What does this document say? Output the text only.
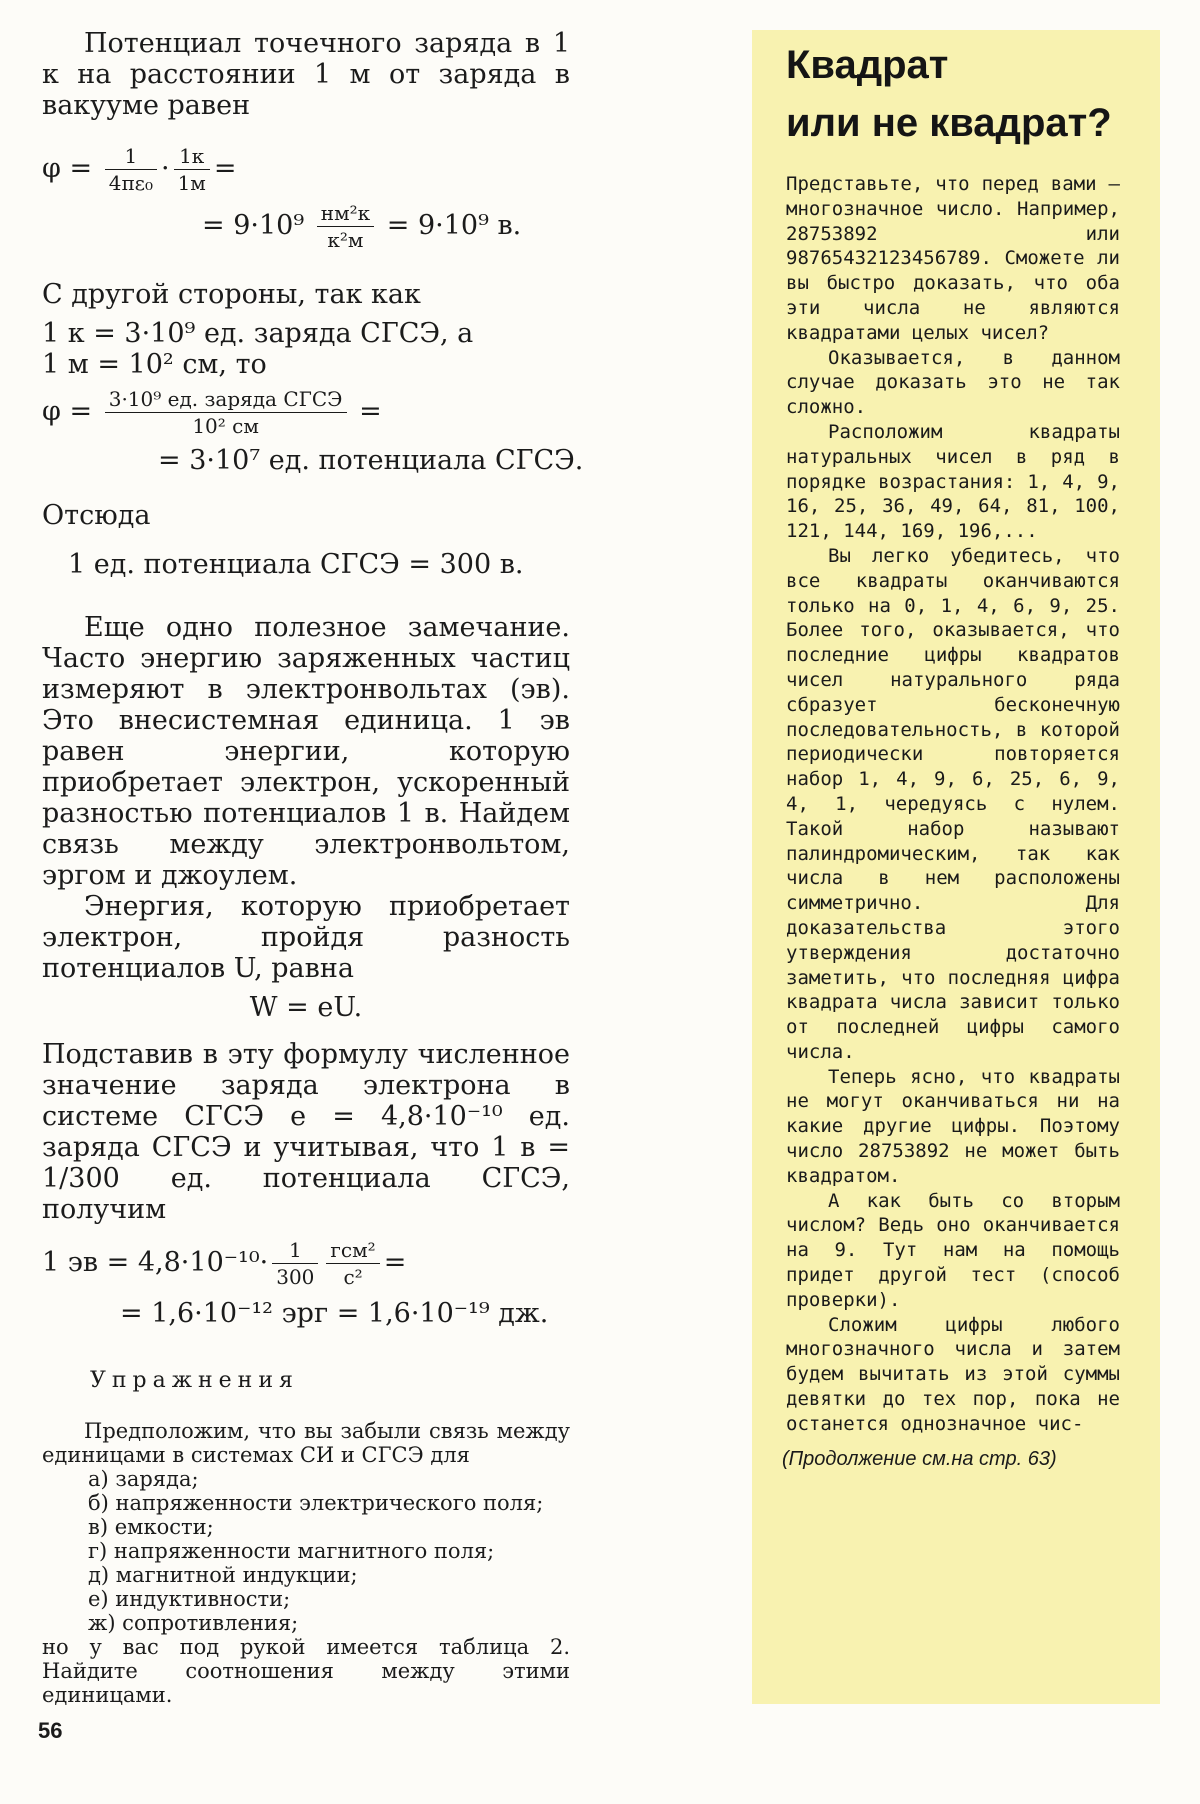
Потенциал точечного заряда в 1 к на расстоянии 1 м от заряда в вакууме равен

$\varphi = \frac{1}{\text{4πε₀}} \cdot \frac{1к}{1м}$ =
= $9\cdot 10^9 \frac{\text{нм²к}}{\text{к²м}} = 9\cdot 10^9$ в.

С другой стороны, так как

1 к = 3·10⁹ ед. заряда СГСЭ, а

1 м = 10² см, то

$\varphi = \frac{\text{3·10⁹ ед. заряда СГСЭ}}{\text{10² см}}$ =
= 3·10⁷ ед. потенциала СГСЭ.

Отсюда

1 ед. потенциала СГСЭ = 300 в.

Еще одно полезное замечание. Часто энергию заряженных частиц измеряют в электронвольтах (эв). Это внесистемная единица. 1 эв равен энергии, которую приобретает электрон, ускоренный разностью потенциалов 1 в. Найдем связь между электронвольтом, эргом и джоулем.

Энергия, которую приобретает электрон, пройдя разность потенциалов U, равна

W = eU.

Подставив в эту формулу численное значение заряда электрона в системе СГСЭ e = 4,8·10⁻¹⁰ ед. заряда СГСЭ и учитывая, что 1 в = 1/300 ед. потенциала СГСЭ, получим

1 эв = $4,8\cdot 10^{-10}\cdot \frac{1}{300} \frac{\text{гсм²}}{\text{с²}}$ =
= 1,6·10⁻¹² эрг = 1,6·10⁻¹⁹ дж.
Упражнения

Предположим, что вы забыли связь между единицами в системах СИ и СГСЭ для

а) заряда;
б) напряженности электрического поля;
в) емкости;
г) напряженности магнитного поля;
д) магнитной индукции;
е) индуктивности;
ж) сопротивления;

но у вас под рукой имеется таблица 2. Найдите соотношения между этими единицами.

56
Квадрат
или не квадрат?

Представьте, что перед вами — многозначное число. Например, 28753892 или 98765432123456789. Сможете ли вы быстро доказать, что оба эти числа не являются квадратами целых чисел?

Оказывается, в данном случае доказать это не так сложно.

Расположим квадраты натуральных чисел в ряд в порядке возрастания: 1, 4, 9, 16, 25, 36, 49, 64, 81, 100, 121, 144, 169, 196,...

Вы легко убедитесь, что все квадраты оканчиваются только на 0, 1, 4, 6, 9, 25. Более того, оказывается, что последние цифры квадратов чисел натурального ряда сбразует бесконечную последовательность, в которой периодически повторяется набор 1, 4, 9, 6, 25, 6, 9, 4, 1, чередуясь с нулем. Такой набор называют палиндромическим, так как числа в нем расположены симметрично. Для доказательства этого утверждения достаточно заметить, что последняя цифра квадрата числа зависит только от последней цифры самого числа.

Теперь ясно, что квадраты не могут оканчиваться ни на какие другие цифры. Поэтому число 28753892 не может быть квадратом.

А как быть со вторым числом? Ведь оно оканчивается на 9. Тут нам на помощь придет другой тест (способ проверки).

Сложим цифры любого многозначного числа и затем будем вычитать из этой суммы девятки до тех пор, пока не останется однозначное чис-

(Продолжение см.на стр. 63)
